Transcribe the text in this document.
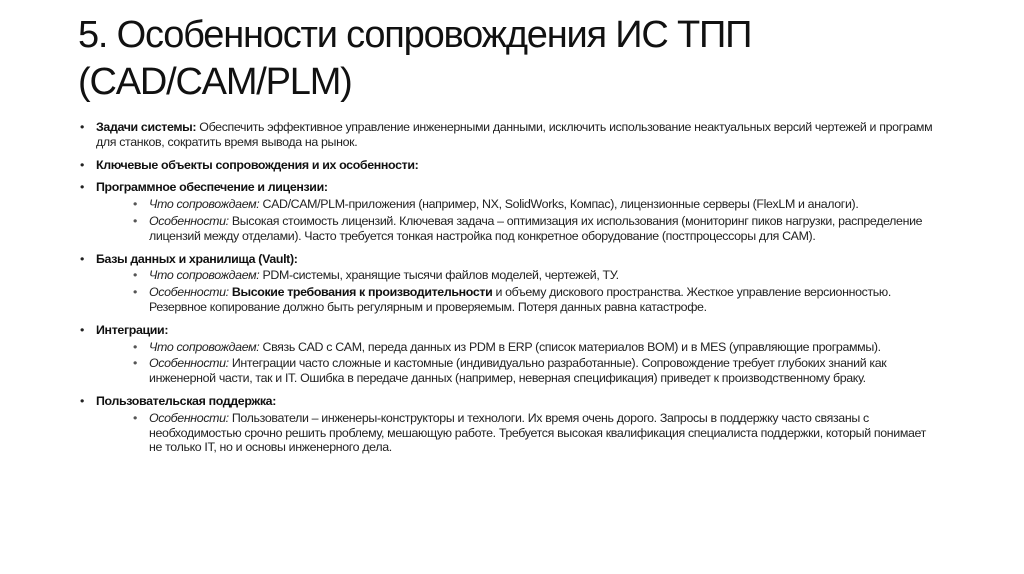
5. Особенности сопровождения ИС ТПП
(CAD/CAM/PLM)
• Задачи системы: Обеспечить эффективное управление инженерными данными, исключить использование неактуальных версий чертежей и программ для станков, сократить время вывода на рынок.
• Ключевые объекты сопровождения и их особенности:
• Программное обеспечение и лицензии:
• Что сопровождаем: CAD/CAM/PLM-приложения (например, NX, SolidWorks, Компас), лицензионные серверы (FlexLM и аналоги).
• Особенности: Высокая стоимость лицензий. Ключевая задача – оптимизация их использования (мониторинг пиков нагрузки, распределение лицензий между отделами). Часто требуется тонкая настройка под конкретное оборудование (постпроцессоры для CAM).
• Базы данных и хранилища (Vault):
• Что сопровождаем: PDM-системы, хранящие тысячи файлов моделей, чертежей, ТУ.
• Особенности: Высокие требования к производительности и объему дискового пространства. Жесткое управление версионностью. Резервное копирование должно быть регулярным и проверяемым. Потеря данных равна катастрофе.
• Интеграции:
• Что сопровождаем: Связь CAD с CAM, переда данных из PDM в ERP (список материалов BOM) и в MES (управляющие программы).
• Особенности: Интеграции часто сложные и кастомные (индивидуально разработанные). Сопровождение требует глубоких знаний как инженерной части, так и IT. Ошибка в передаче данных (например, неверная спецификация) приведет к производственному браку.
• Пользовательская поддержка:
• Особенности: Пользователи – инженеры-конструкторы и технологи. Их время очень дорого. Запросы в поддержку часто связаны с необходимостью срочно решить проблему, мешающую работе. Требуется высокая квалификация специалиста поддержки, который понимает не только IT, но и основы инженерного дела.
